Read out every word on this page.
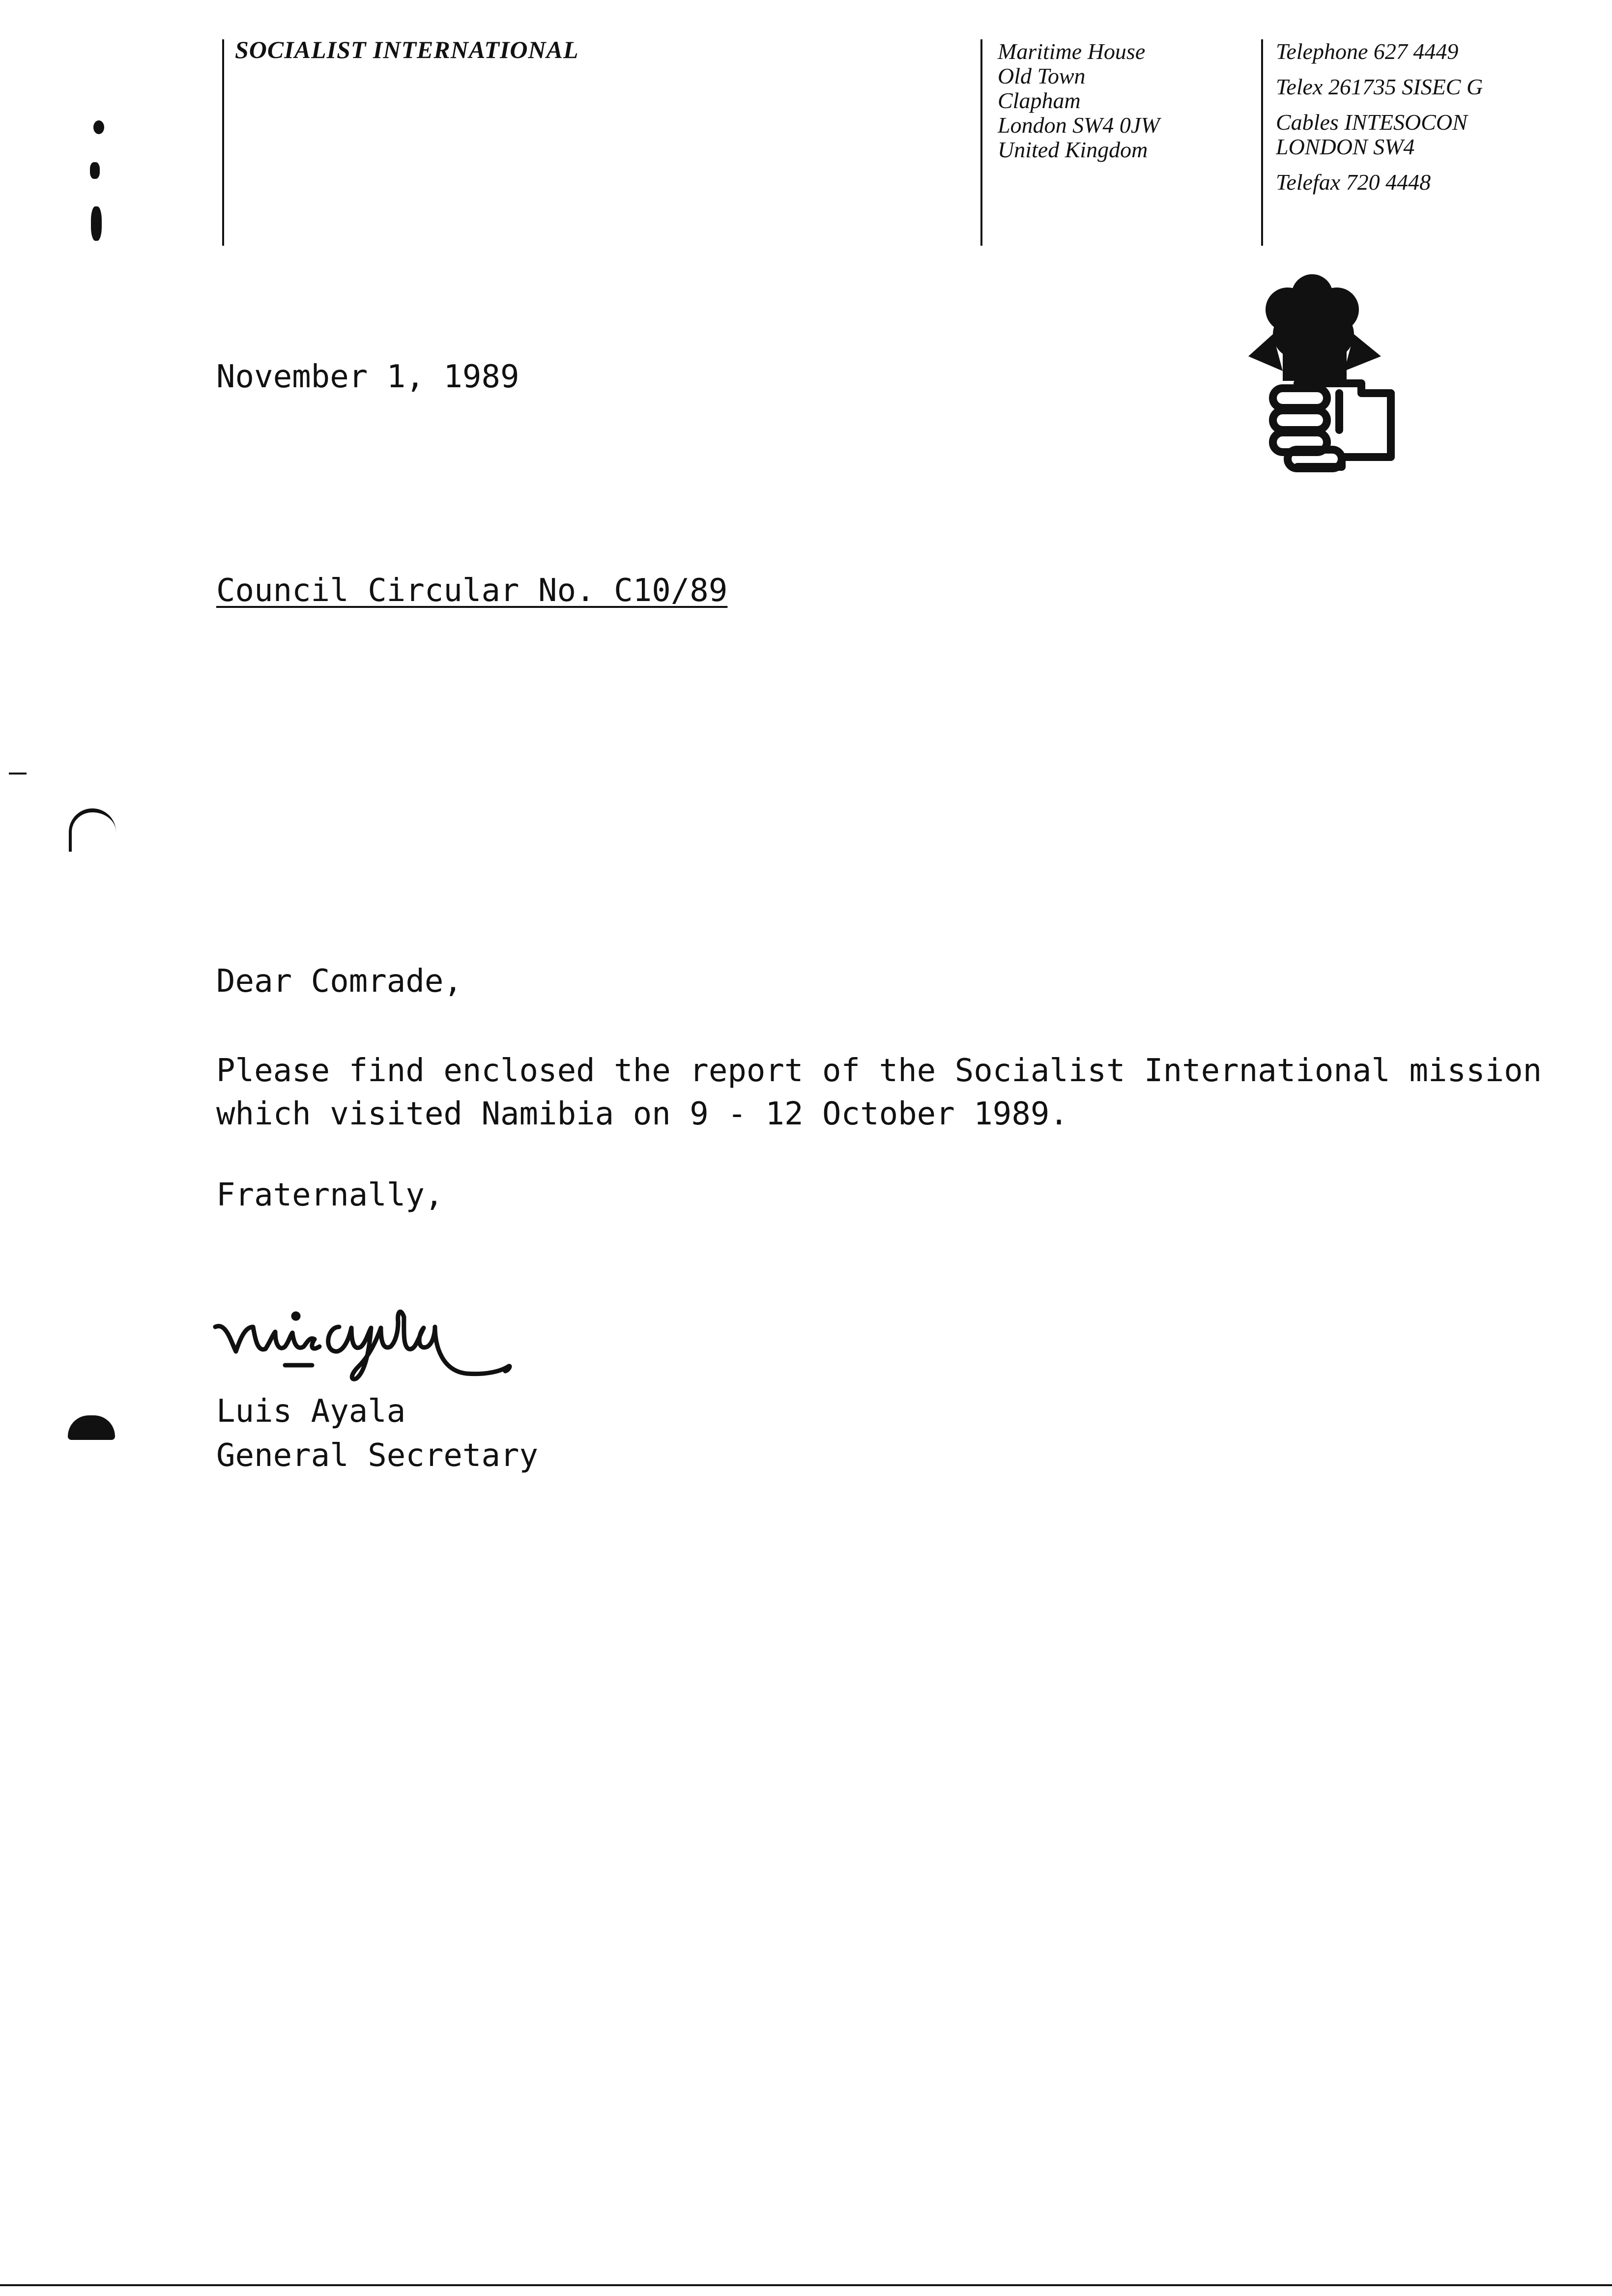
SOCIALIST INTERNATIONAL	Maritime House
Old Town
Clapham
London SW4 0JW
United Kingdom
Telephone 627 4449
Telex 261735 SISEC G
Cables INTESOCON
LONDON SW4
Telefax 720 4448
November 1, 1989
Council Circular No. C10/89
Dear Comrade,
Please find enclosed the report of the Socialist International mission
which visited Namibia on 9 - 12 October 1989.
Fraternally,
Luis Ayala
General Secretary
